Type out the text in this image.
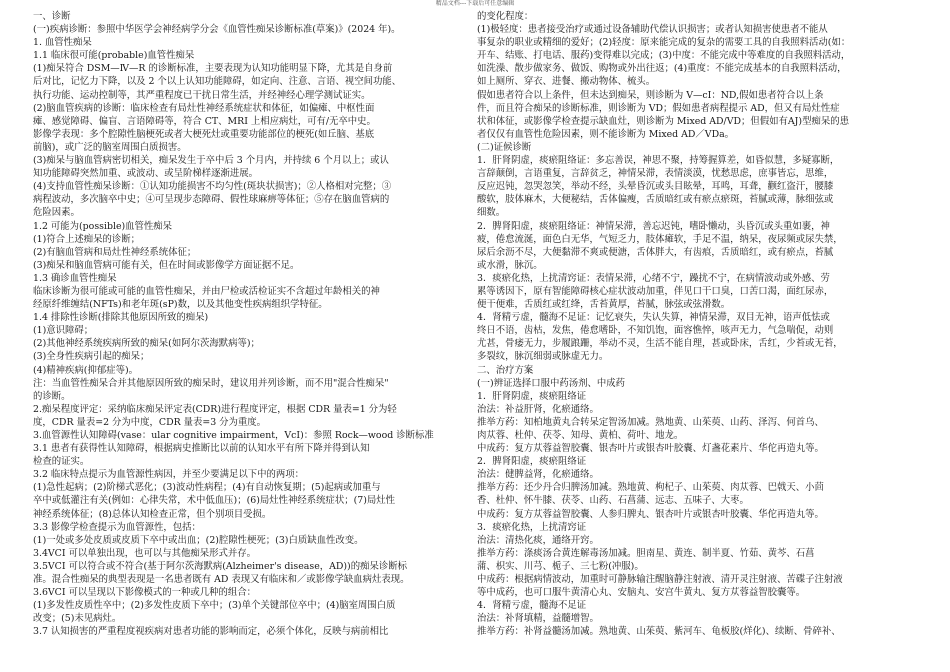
精品文档---下载后可任意编辑
一、诊断
(一)疾病诊断：参照中华医学会神经病学分会《血管性痴呆诊断标准(草案)》(2024 年)。
1. 血管性痴呆
1.1 临床很可能(probable)血管性痴呆
(1)痴呆符合 DSM—Ⅳ—R 的诊断标准，主要表现为认知功能明显下降，尤其是自身前
后对比，记忆力下降，以及 2 个以上认知功能障碍，如定向、注意、言语、视空间功能、
执行功能、运动控制等，其严重程度已干扰日常生活，并经神经心理学测试证实。
(2)脑血管疾病的诊断：临床检查有局灶性神经系统症状和体征，如偏瘫、中枢性面
瘫、感觉障碍、偏盲、言语障碍等，符合 CT、MRI 上相应病灶，可有/无卒中史。
影像学表现：多个腔隙性脑梗死或者大梗死灶或重要功能部位的梗死(如丘脑、基底
前脑)，或广泛的脑室周围白质损害。
(3)痴呆与脑血管病密切相关，痴呆发生于卒中后 3 个月内，并持续 6 个月以上；或认
知功能障碍突然加重、或波动、或呈阶梯样逐渐进展。
(4)支持血管性痴呆诊断：①认知功能损害不均匀性(斑块状损害)；②人格相对完整；③
病程波动，多次脑卒中史；④可呈现步态障碍、假性球麻痹等体征；⑤存在脑血管病的
危险因素。
1.2 可能为(possible)血管性痴呆
(1)符合上述痴呆的诊断；
(2)有脑血管病和局灶性神经系统体征；
(3)痴呆和脑血管病可能有关，但在时间或影像学方面证据不足。
1.3 确诊血管性痴呆
临床诊断为很可能或可能的血管性痴呆，并由尸检或活检证实不含超过年龄相关的神
经原纤维缠结(NFTs)和老年斑(sP)数，以及其他变性疾病组织学特征。
1.4 排除性诊断(排除其他原因所致的痴呆)
(1)意识障碍；
(2)其他神经系统疾病所致的痴呆(如阿尔茨海默病等)；
(3)全身性疾病引起的痴呆；
(4)精神疾病(抑郁症等)。
注：当血管性痴呆合并其他原因所致的痴呆时，建议用并列诊断，而不用"混合性痴呆"
的诊断。
2.痴呆程度评定：采纳临床痴呆评定表(CDR)进行程度评定，根据 CDR 量表=1 分为轻
度，CDR 量表=2 分为中度，CDR 量表=3 分为重度。
3.血管源性认知障碍(vase：ular cognitive impairment，VcI)：参照 Rock—wood 诊断标准
3.1 患者有获得性认知障碍，根据病史推断比以前的认知水平有所下降并得到认知
检查的证实。
3.2 临床特点提示为血管源性病因，并至少要满足以下中的两项：
(1)急性起病；(2)阶梯式恶化；(3)波动性病程；(4)有自动恢复期；(5)起病或加重与
卒中或低灌注有关(例如：心律失常，术中低血压)；(6)局灶性神经系统症状；(7)局灶性
神经系统体征；(8)总体认知检查正常，但个别项目受损。
3.3 影像学检查提示为血管源性，包括：
(1)一处或多处皮质或皮质下卒中或出血；(2)腔隙性梗死；(3)白质缺血性改变。
3.4VCI 可以单独出现，也可以与其他痴呆形式并存。
3.5VCI 可以符合或不符合(基于阿尔茨海默病(Alzheimer's disease，AD))的痴呆诊断标
准。混合性痴呆的典型表现是一名患者既有 AD 表现又有临床和／或影像学缺血病灶表现。
3.6VCI 可以呈现以下影像模式的一种或几种的组合：
(1)多发性皮质性卒中；(2)多发性皮质下卒中；(3)单个关键部位卒中；(4)脑室周围白质
改变；(5)未见病灶。
3.7 认知损害的严重程度视疾病对患者功能的影响而定，必须个体化，反映与病前相比
的变化程度：
(1)极轻度：患者接受治疗或通过设备辅助代偿认识损害；或者认知损害使患者不能从
事复杂的职业或精细的爱好；(2)轻度：原来能完成的复杂的需要工具的自我照料活动(如：
开车、结账、打电话、服药)变得难以完成；(3)中度：不能完成中等难度的自我照料活动，
如洗澡、散步做家务、做饭、购物或外出往返；(4)重度：不能完成基本的自我照料活动，
如上厕所、穿衣、进餐、搬动物体、梳头。
假如患者符合以上条件，但未达到痴呆，则诊断为 V—cI：ND,假如患者符合以上条
件，而且符合痴呆的诊断标准，则诊断为 VD；假如患者病程提示 AD，但又有局灶性症
状和体征，或影像学检查提示缺血灶，则诊断为 Mixed AD/VD；但假如有AJ)型痴呆的患
者仅仅有血管性危险因素，则不能诊断为 Mixed AD／VDa。
(二)证候诊断
1．肝肾阴虚，痰瘀阻络证：多忘善误，神思不聚，持筹握算差，如昏似慧，多疑寡断，
言辞颠倒，言语重复，言辞贫乏，神情呆滞，表情淡漠，忧愁思虑，庶事皆忘，思维，
反应迟钝，忽哭忽笑，举动不经，头晕昏沉或头目眩晕，耳鸣，耳聋，颧红盗汗，腰膝
酸软，肢体麻木，大便秘结，舌体偏瘦，舌质暗红或有瘀点瘀斑，苔腻或薄，脉细弦或
细数。
2．脾肾阳虚，痰瘀阻络证：神情呆滞，善忘迟钝，嗜卧懒动，头昏沉或头重如裹，神
疲，倦怠流涎，面色白无华，气短乏力，肢体瘫软，手足不温，纳呆，夜尿频或尿失禁，
尿后余沥不尽，大便黏滞不爽或便溏，舌体胖大，有齿痕，舌质暗红，或有瘀点，苔腻
或水滑，脉沉。
3．痰瘀化热，上扰清窍证：表情呆滞，心绪不宁，躁扰不宁，在病情波动或外感、劳
累等诱因下，原有智能障碍核心症状波动加重，伴见口干口臭，口苦口渴，面红尿赤，
便干便难，舌质红或红绛，舌苔黄厚，苔腻，脉弦或弦滑数。
4．肾精亏虚，髓海不足证：记忆衰失，失认失算，神情呆滞，双目无神，语声低怯或
终日不语，齿枯，发焦，倦怠嗜卧，不知饥饱，面容憔悴，咳声无力，气急喘促，动则
尤甚，骨痿无力，步履踉跚，举动不灵，生活不能自理，甚或卧床，舌红，少苔或无苔，
多裂纹，脉沉细弱或脉虚无力。
二、治疗方案
(一)辨证选择口服中药汤剂、中成药
1．肝肾阴虚，痰瘀阻络证
治法：补益肝肾，化瘀通络。
推举方药：知柏地黄丸合转呆定智汤加减。熟地黄、山茱萸、山药、泽泻、何首乌、
肉苁蓉、杜仲、茯苓、知母、黄柏、荷叶、地龙。
中成药：复方苁蓉益智胶囊、银杏叶片或银杏叶胶囊、灯盏花素片、华佗再造丸等。
2．脾肾阳虚，痰瘀阻络证
治法：健脾益肾，化瘀通络。
推举方药：还少丹合归脾汤加减。熟地黄、枸杞子、山茱萸、肉苁蓉、巴戟天、小茴
香、杜仲、怀牛膝、茯苓、山药、石菖蒲、远志、五味子、大枣。
中成药：复方苁蓉益智胶囊、人参归脾丸、银杏叶片或银杏叶胶囊、华佗再造丸等。
3．痰瘀化热，上扰清窍证
治法：清热化痰，通络开窍。
推举方药：涤痰汤合黄连解毒汤加减。胆南星、黄连、制半夏、竹茹、黄芩、石菖
蒲、枳实、川芎、栀子、三七粉(冲服)。
中成药：根据病情波动，加重时可静脉输注醒脑静注射液、清开灵注射液、苦碟子注射液
等中成药，也可口服牛黄清心丸、安脑丸、安宫牛黄丸、复方苁蓉益智胶囊等。
4．肾精亏虚，髓海不足证
治法：补肾填精，益髓增智。
推举方药：补肾益髓汤加减。熟地黄、山茱萸、紫河车、龟板胶(烊化)、续断、骨碎补、
